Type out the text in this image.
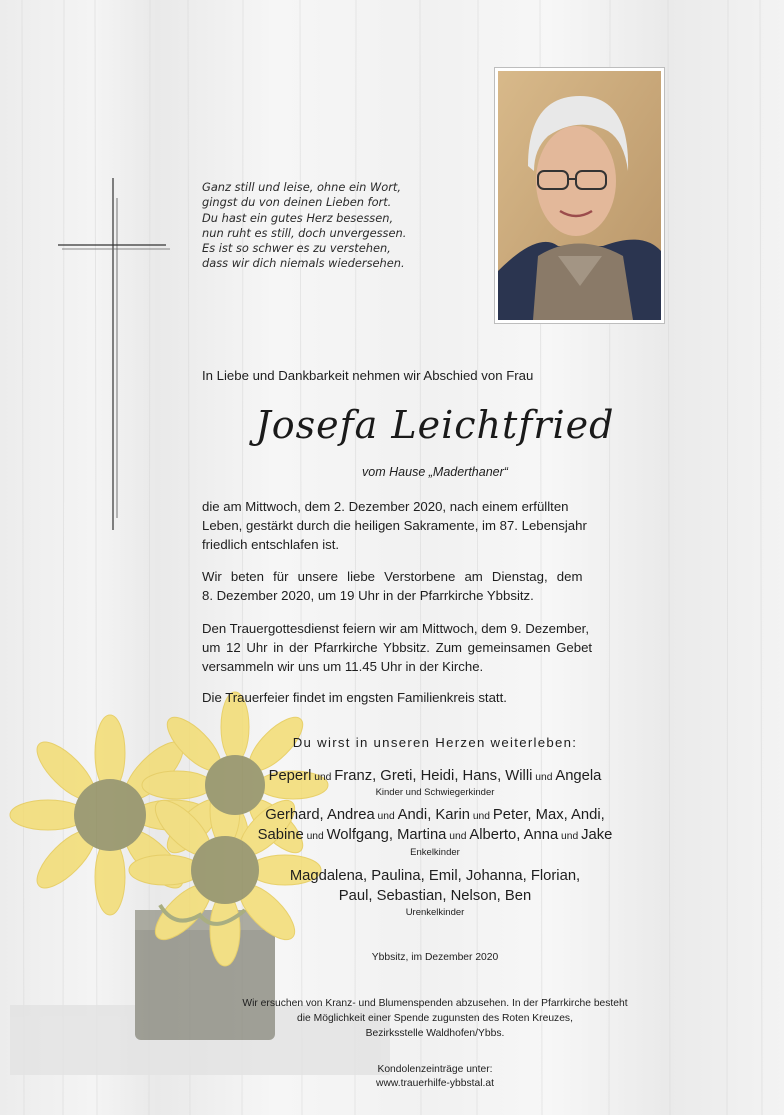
Ganz still und leise, ohne ein Wort,
gingst du von deinen Lieben fort.
Du hast ein gutes Herz besessen,
nun ruht es still, doch unvergessen.
Es ist so schwer es zu verstehen,
dass wir dich niemals wiedersehen.
In Liebe und Dankbarkeit nehmen wir Abschied von Frau
Josefa Leichtfried
vom Hause „Maderthaner“
die am Mittwoch, dem 2. Dezember 2020, nach einem erfüllten
Leben, gestärkt durch die heiligen Sakramente, im 87. Lebensjahr
friedlich entschlafen ist.
Wir beten für unsere liebe Verstorbene am Dienstag, dem
8. Dezember 2020, um 19 Uhr in der Pfarrkirche Ybbsitz.
Den Trauergottesdienst feiern wir am Mittwoch, dem 9. Dezember,
um 12 Uhr in der Pfarrkirche Ybbsitz. Zum gemeinsamen Gebet
versammeln wir uns um 11.45 Uhr in der Kirche.
Die Trauerfeier findet im engsten Familienkreis statt.
Du wirst in unseren Herzen weiterleben:
Peperl und Franz, Greti, Heidi, Hans, Willi und Angela
Kinder und Schwiegerkinder
Gerhard, Andrea und Andi, Karin und Peter, Max, Andi,
Sabine und Wolfgang, Martina und Alberto, Anna und Jake
Enkelkinder
Magdalena, Paulina, Emil, Johanna, Florian,
Paul, Sebastian, Nelson, Ben
Urenkelkinder
Ybbsitz, im Dezember 2020
Wir ersuchen von Kranz- und Blumenspenden abzusehen. In der Pfarrkirche besteht
die Möglichkeit einer Spende zugunsten des Roten Kreuzes,
Bezirksstelle Waldhofen/Ybbs.
Kondolenzeinträge unter:
www.trauerhilfe-ybbstal.at
